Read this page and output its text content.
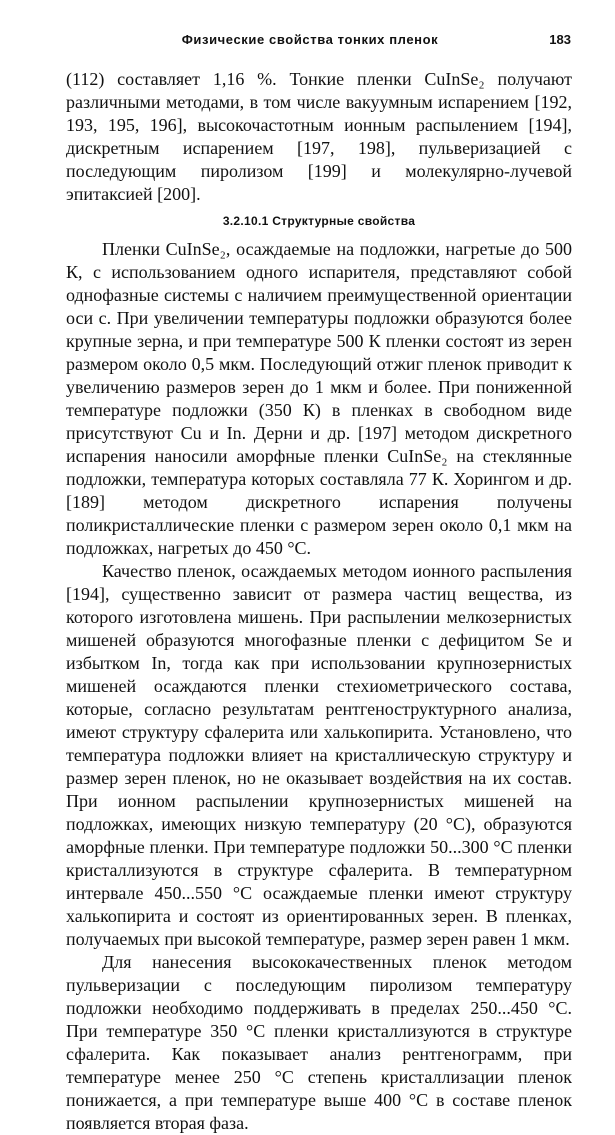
Физические свойства тонких пленок	183

(112) составляет 1,16 %. Тонкие пленки CuInSe₂ получают различными методами, в том числе вакуумным испарением [192, 193, 195, 196], высокочастотным ионным распылением [194], дискретным испарением [197, 198], пульверизацией с последующим пиролизом [199] и молекулярно-лучевой эпитаксией [200].

3.2.10.1 Структурные свойства

Пленки CuInSe₂, осаждаемые на подложки, нагретые до 500 К, с использованием одного испарителя, представляют собой однофазные системы с наличием преимущественной ориентации оси c. При увеличении температуры подложки образуются более крупные зерна, и при температуре 500 К пленки состоят из зерен размером около 0,5 мкм. Последующий отжиг пленок приводит к увеличению размеров зерен до 1 мкм и более. При пониженной температуре подложки (350 К) в пленках в свободном виде присутствуют Cu и In. Дерни и др. [197] методом дискретного испарения наносили аморфные пленки CuInSe₂ на стеклянные подложки, температура которых составляла 77 К. Хорингом и др. [189] методом дискретного испарения получены поликристаллические пленки с размером зерен около 0,1 мкм на подложках, нагретых до 450 °С.

Качество пленок, осаждаемых методом ионного распыления [194], существенно зависит от размера частиц вещества, из которого изготовлена мишень. При распылении мелкозернистых мишеней образуются многофазные пленки с дефицитом Se и избытком In, тогда как при использовании крупнозернистых мишеней осаждаются пленки стехиометрического состава, которые, согласно результатам рентгеноструктурного анализа, имеют структуру сфалерита или халькопирита. Установлено, что температура подложки влияет на кристаллическую структуру и размер зерен пленок, но не оказывает воздействия на их состав. При ионном распылении крупнозернистых мишеней на подложках, имеющих низкую температуру (20 °С), образуются аморфные пленки. При температуре подложки 50...300 °С пленки кристаллизуются в структуре сфалерита. В температурном интервале 450...550 °С осаждаемые пленки имеют структуру халькопирита и состоят из ориентированных зерен. В пленках, получаемых при высокой температуре, размер зерен равен 1 мкм.

Для нанесения высококачественных пленок методом пульверизации с последующим пиролизом температуру подложки необходимо поддерживать в пределах 250...450 °С. При температуре 350 °С пленки кристаллизуются в структуре сфалерита. Как показывает анализ рентгенограмм, при температуре менее 250 °С степень кристаллизации пленок понижается, а при температуре выше 400 °С в составе пленок появляется вторая фаза.
